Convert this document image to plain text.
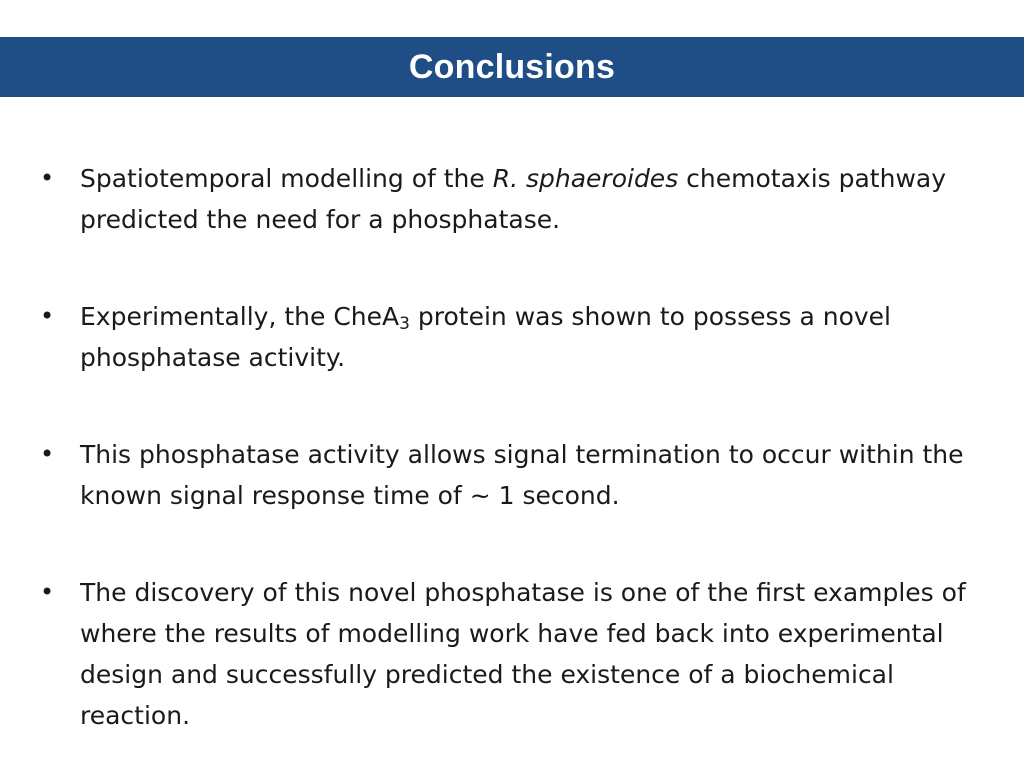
Conclusions
• Spatiotemporal modelling of the R. sphaeroides chemotaxis pathway predicted the need for a phosphatase.
• Experimentally, the CheA$_3$ protein was shown to possess a novel phosphatase activity.
• This phosphatase activity allows signal termination to occur within the known signal response time of ~ 1 second.
• The discovery of this novel phosphatase is one of the first examples of where the results of modelling work have fed back into experimental design and successfully predicted the existence of a biochemical reaction.
